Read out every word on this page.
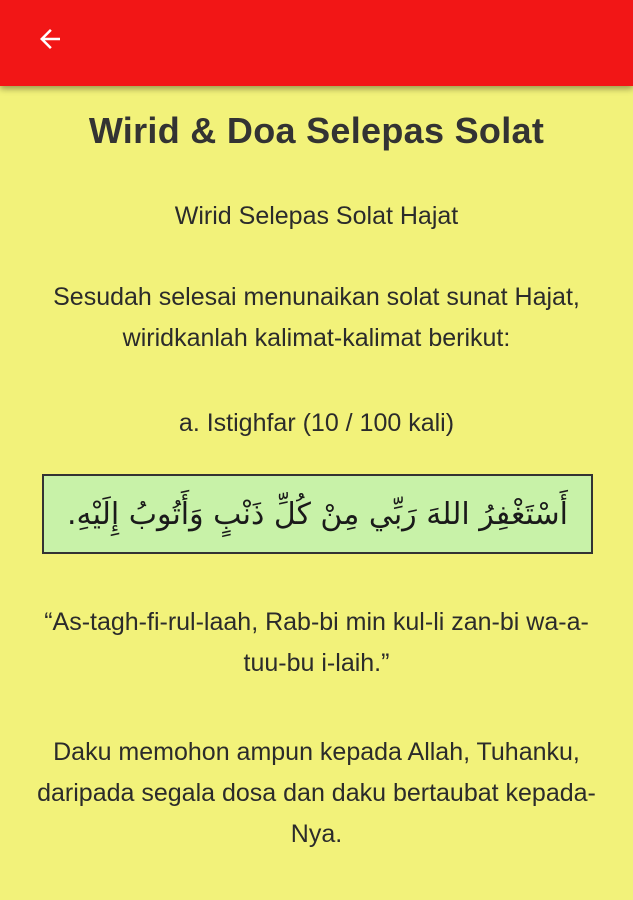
Wirid & Doa Selepas Solat

Wirid Selepas Solat Hajat

Sesudah selesai menunaikan solat sunat Hajat, wiridkanlah kalimat-kalimat berikut:

a. Istighfar (10 / 100 kali)

أَسْتَغْفِرُ اللهَ رَبِّي مِنْ كُلِّ ذَنْبٍ وَأَتُوبُ إِلَيْهِ.

“As-tagh-fi-rul-laah, Rab-bi min kul-li zan-bi wa-a-tuu-bu i-laih.”

Daku memohon ampun kepada Allah, Tuhanku, daripada segala dosa dan daku bertaubat kepada-Nya.
